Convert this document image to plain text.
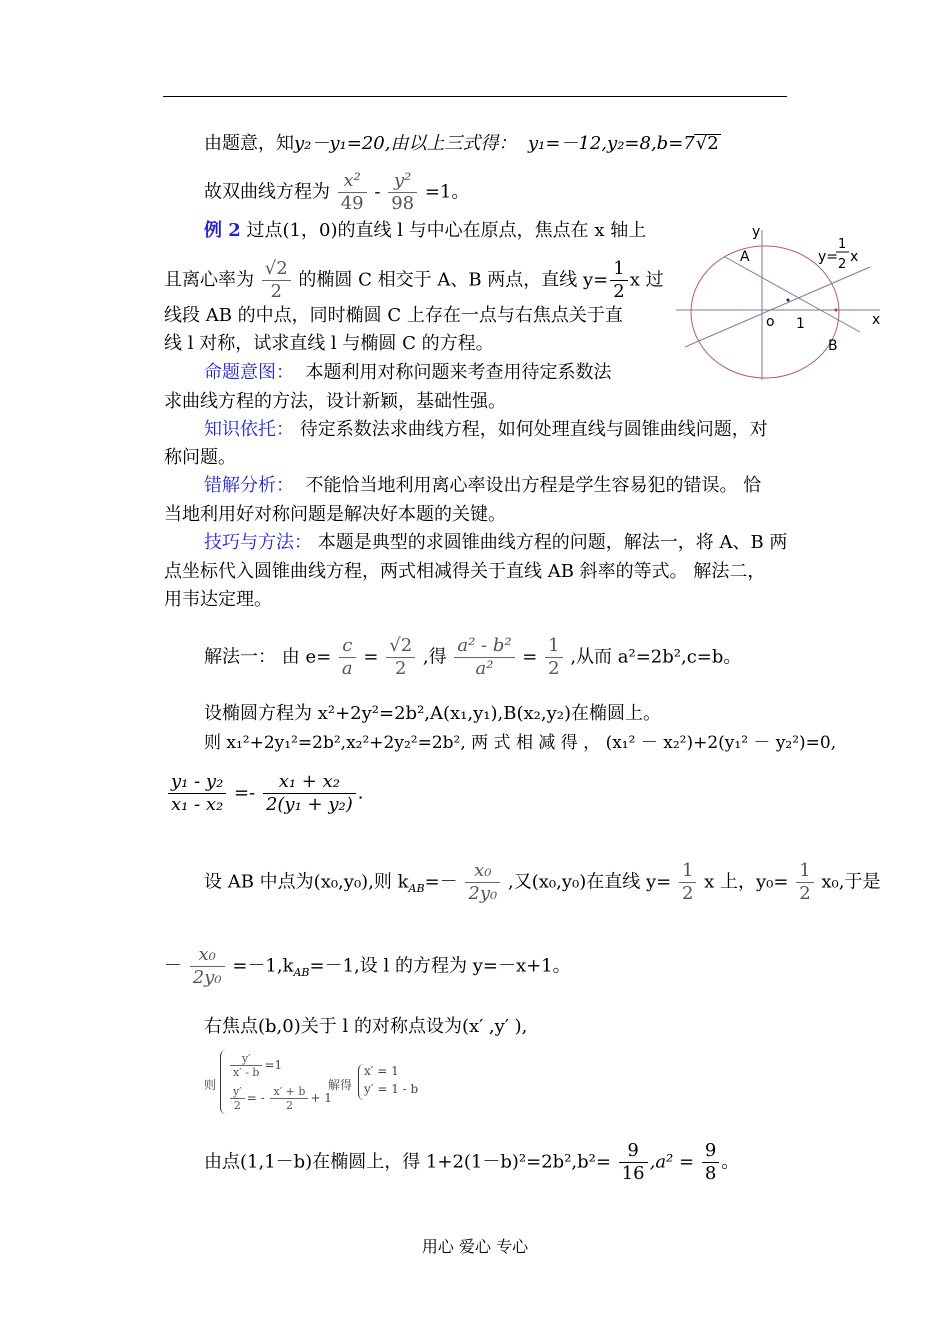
由题意，知y₂－y₁=20,由以上三式得： y₁=－12,y₂=8,b=7√2
故双曲线方程为 $\frac{\text{x²}}{49} - \frac{\text{y²}}{98} =1$。
例 2 过点(1，0)的直线 l 与中心在原点，焦点在 x 轴上
且离心率为 $\frac{√2}{2}$ 的椭圆 C 相交于 A、B 两点，直线 $y= \frac{1}{2}$ x 过
线段 AB 的中点，同时椭圆 C 上存在一点与右焦点关于直
线 l 对称，试求直线 l 与椭圆 C 的方程。
y
A	y=
1
2 x
o 1	x
B
命题意图： 本题利用对称问题来考查用待定系数法
求曲线方程的方法，设计新颖，基础性强。
知识依托： 待定系数法求曲线方程，如何处理直线与圆锥曲线问题，对
称问题。
错解分析： 不能恰当地利用离心率设出方程是学生容易犯的错误。 恰
当地利用好对称问题是解决好本题的关键。
技巧与方法： 本题是典型的求圆锥曲线方程的问题，解法一，将 A、B 两
点坐标代入圆锥曲线方程，两式相减得关于直线 AB 斜率的等式。 解法二，
用韦达定理。
解法一： 由 $e= \frac{c}{a} = \frac{√2}{2}$ ,得 $\frac{\text{a² - b²}}{\text{a²}} = \frac{1}{2}$ ,从而 a²=2b²,c=b。
设椭圆方程为 x²+2y²=2b²,A(x₁,y₁),B(x₂,y₂)在椭圆上。
则 x₁²+2y₁²=2b²,x₂²+2y₂²=2b², 两 式 相 减 得 ， (x₁² － x₂²)+2(y₁² － y₂²)=0,
$\frac{\text{y₁ - y₂}}{\text{x₁ - x₂}} =- \frac{\text{x₁ + x₂}}{\text{2(y₁ + y₂)}}$ .
设 AB 中点为(x₀,y₀),则 $k_{AB}=- \frac{\text{x₀}}{\text{2y₀}}$ ,又(x₀,y₀)在直线 $y= \frac{1}{2}$ x 上，$y_0= \frac{1}{2} x_0$,于是
－ $\frac{\text{x₀}}{\text{2y₀}} =-1,k_{AB}=-1$,设 l 的方程为 y=－x+1。
右焦点(b,0)关于 l 的对称点设为(x′ ,y′ ),
则
$\frac{y'}{x' - b} =1$
$\frac{y'}{2}$ = - $\frac{x' + b}{2} + 1$
解得
x′ = 1
y′ = 1 - b
由点(1,1－b)在椭圆上，得 $1+2(1-b)^2=2b^2,b^2= \frac{9}{16} ,a^2 = \frac{9}{8}$ 。
用心 爱心 专心
